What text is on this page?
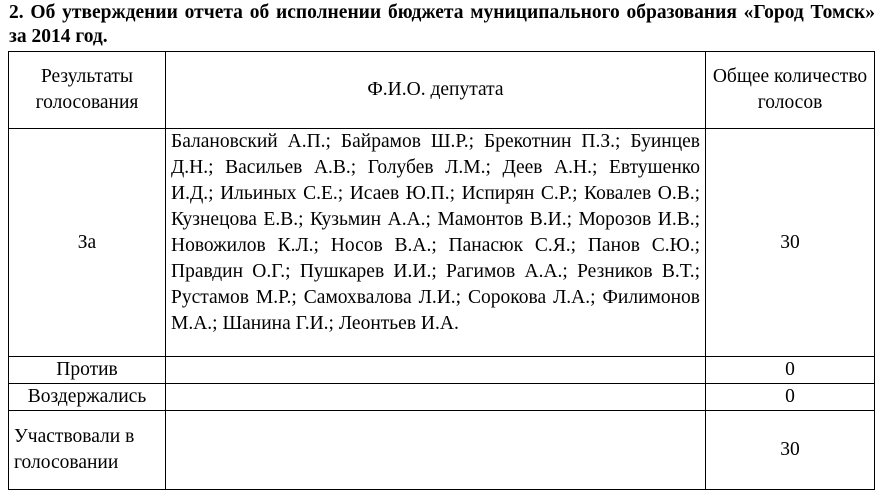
2. Об утверждении отчета об исполнении бюджета муниципального образования «Город Томск» за 2014 год.
Результаты голосования	Ф.И.О. депутата	Общее количество голосов
За	Балановский А.П.; Байрамов Ш.Р.; Брекотнин П.З.; Буинцев Д.Н.; Васильев А.В.; Голубев Л.М.; Деев А.Н.; Евтушенко И.Д.; Ильиных С.Е.; Исаев Ю.П.; Испирян С.Р.; Ковалев О.В.; Кузнецова Е.В.; Кузьмин А.А.; Мамонтов В.И.; Морозов И.В.; Новожилов К.Л.; Носов В.А.; Панасюк С.Я.; Панов С.Ю.; Правдин О.Г.; Пушкарев И.И.; Рагимов А.А.; Резников В.Т.; Рустамов М.Р.; Самохвалова Л.И.; Сорокова Л.А.; Филимонов М.А.; Шанина Г.И.; Леонтьев И.А.	30
Против		0
Воздержались		0
Участвовали в голосовании		30
